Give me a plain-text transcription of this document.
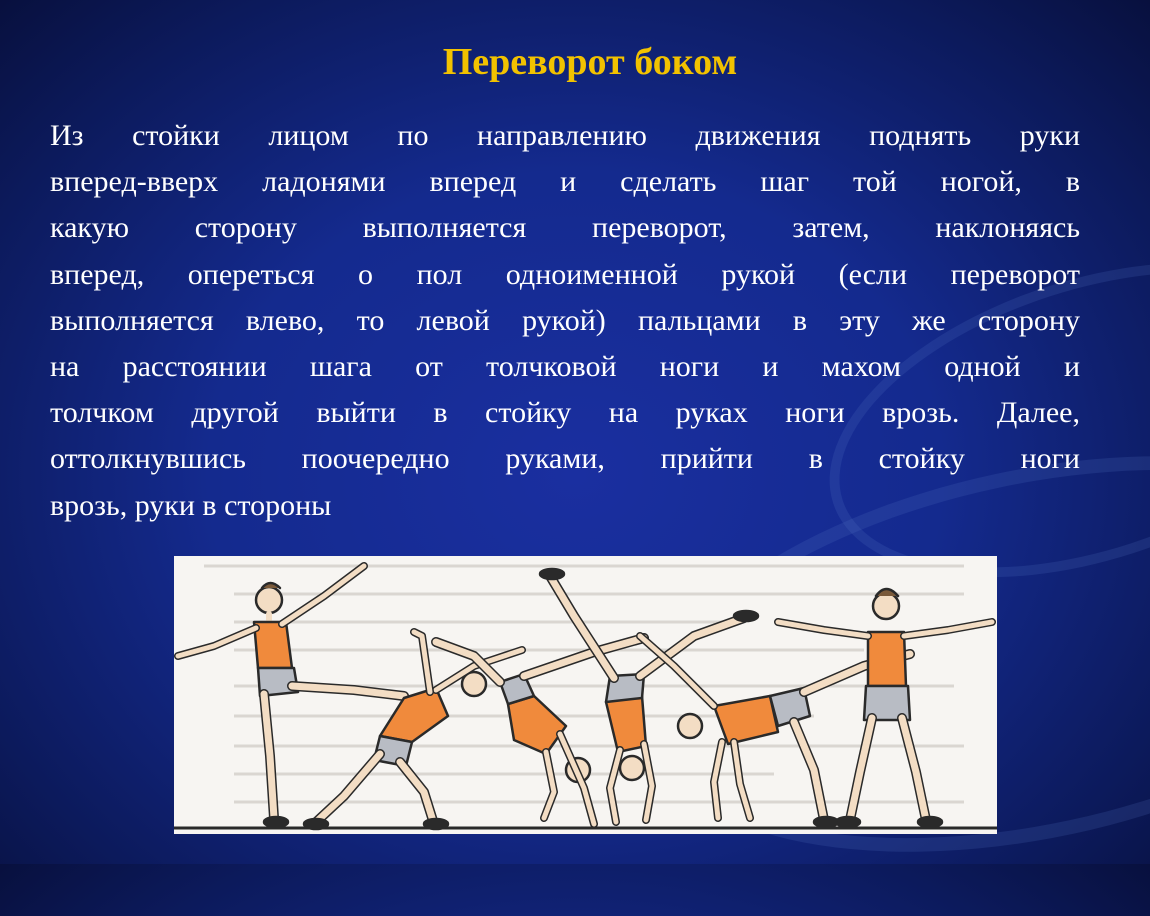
Переворот боком
Из стойки лицом по направлению движения поднять руки
вперед-вверх ладонями вперед и сделать шаг той ногой, в
какую сторону выполняется переворот, затем, наклоняясь
вперед, опереться о пол одноименной рукой (если переворот
выполняется влево, то левой рукой) пальцами в эту же сторону
на расстоянии шага от толчковой ноги и махом одной и
толчком другой выйти в стойку на руках ноги врозь. Далее,
оттолкнувшись поочередно руками, прийти в стойку ноги
врозь, руки в стороны
